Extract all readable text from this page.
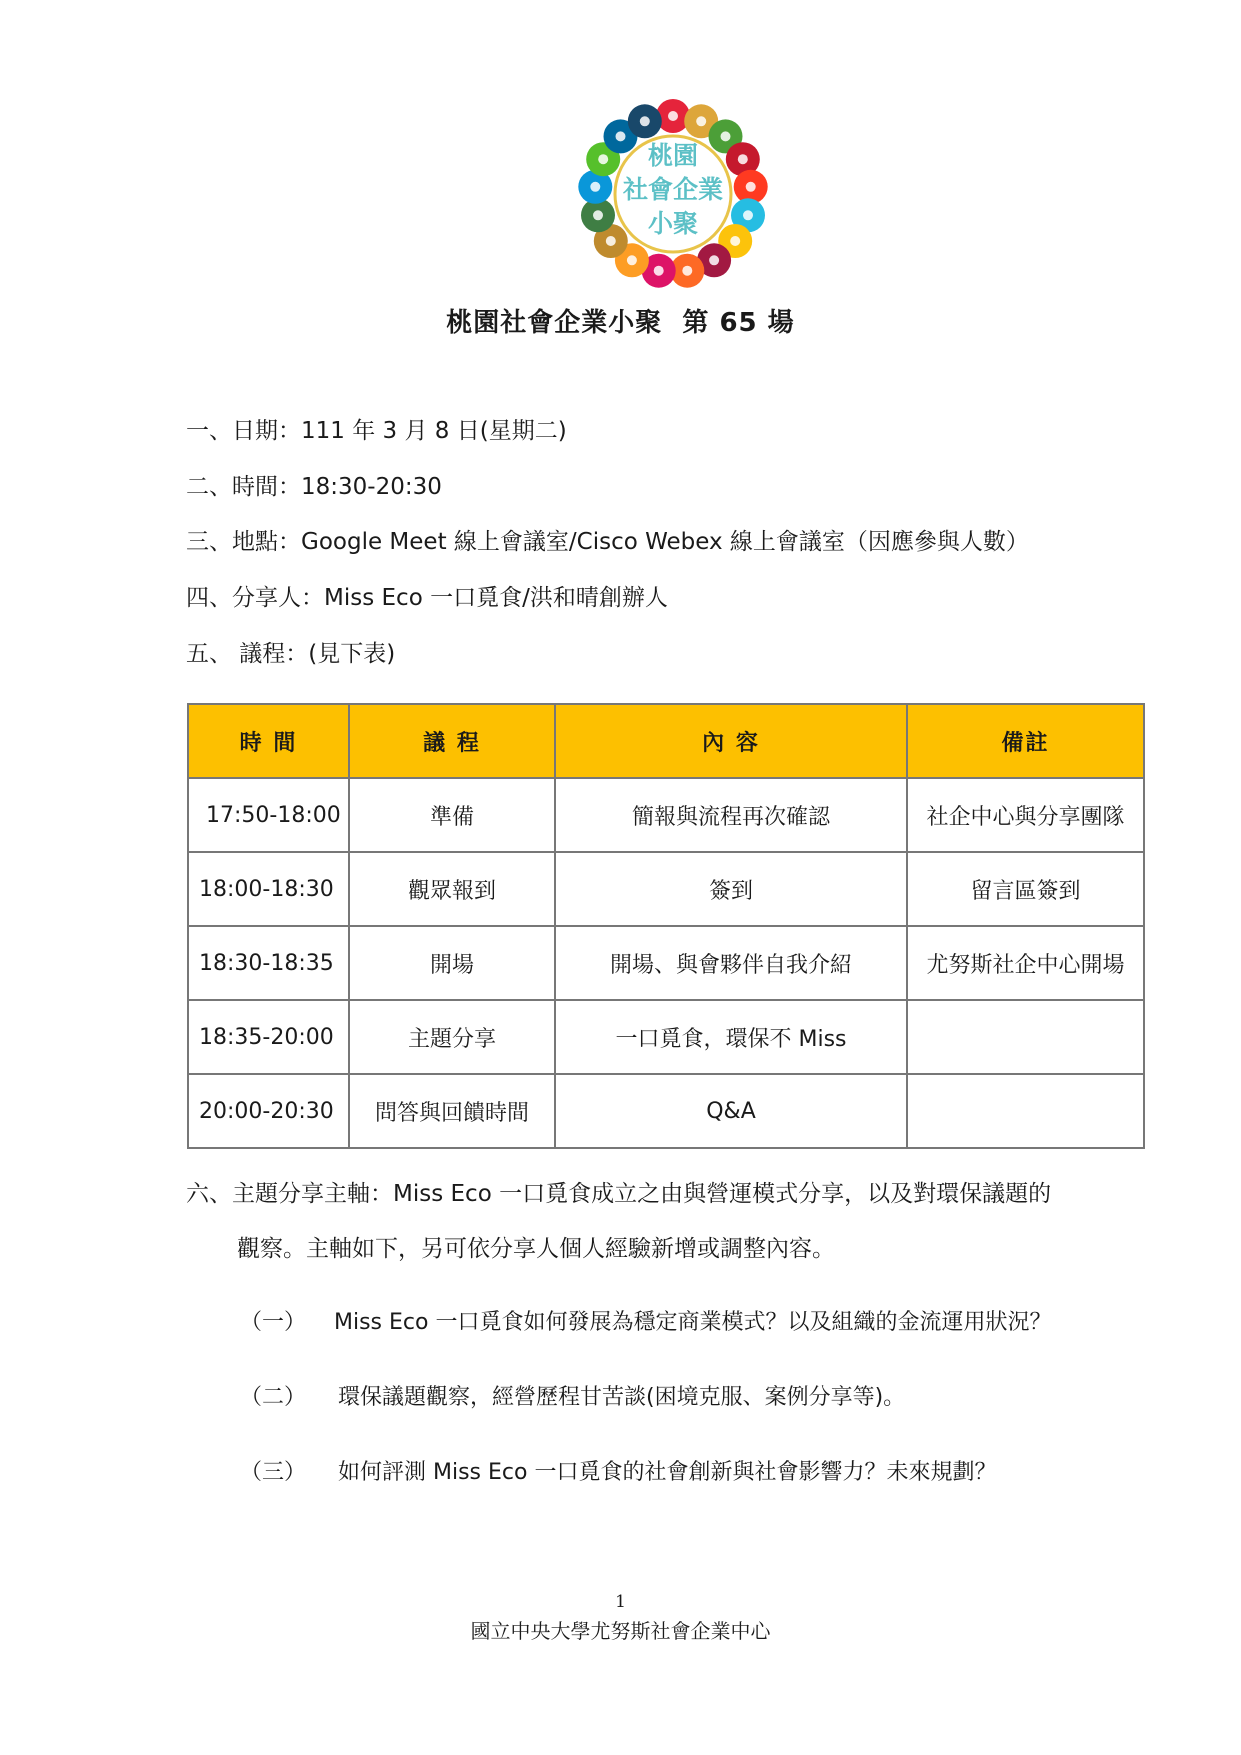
桃園
社會企業
小聚
桃園社會企業小聚  第 65 場
一、日期：111 年 3 月 8 日(星期二)
二、時間：18:30-20:30
三、地點：Google Meet 線上會議室/Cisco Webex 線上會議室（因應參與人數）
四、分享人：Miss Eco 一口覓食/洪和晴創辦人
五、 議程：(見下表)
時 間	議 程	內 容	備註
17:50-18:00	準備	簡報與流程再次確認	社企中心與分享團隊
18:00-18:30	觀眾報到	簽到	留言區簽到
18:30-18:35	開場	開場、與會夥伴自我介紹	尤努斯社企中心開場
18:35-20:00	主題分享	一口覓食，環保不 Miss	
20:00-20:30	問答與回饋時間	Q&A	
六、主題分享主軸：Miss Eco 一口覓食成立之由與營運模式分享，以及對環保議題的
觀察。主軸如下，另可依分享人個人經驗新增或調整內容。
（一） Miss Eco 一口覓食如何發展為穩定商業模式？以及組織的金流運用狀況？
（二） 環保議題觀察，經營歷程甘苦談(困境克服、案例分享等)。
（三） 如何評測 Miss Eco 一口覓食的社會創新與社會影響力？未來規劃？
1
國立中央大學尤努斯社會企業中心
